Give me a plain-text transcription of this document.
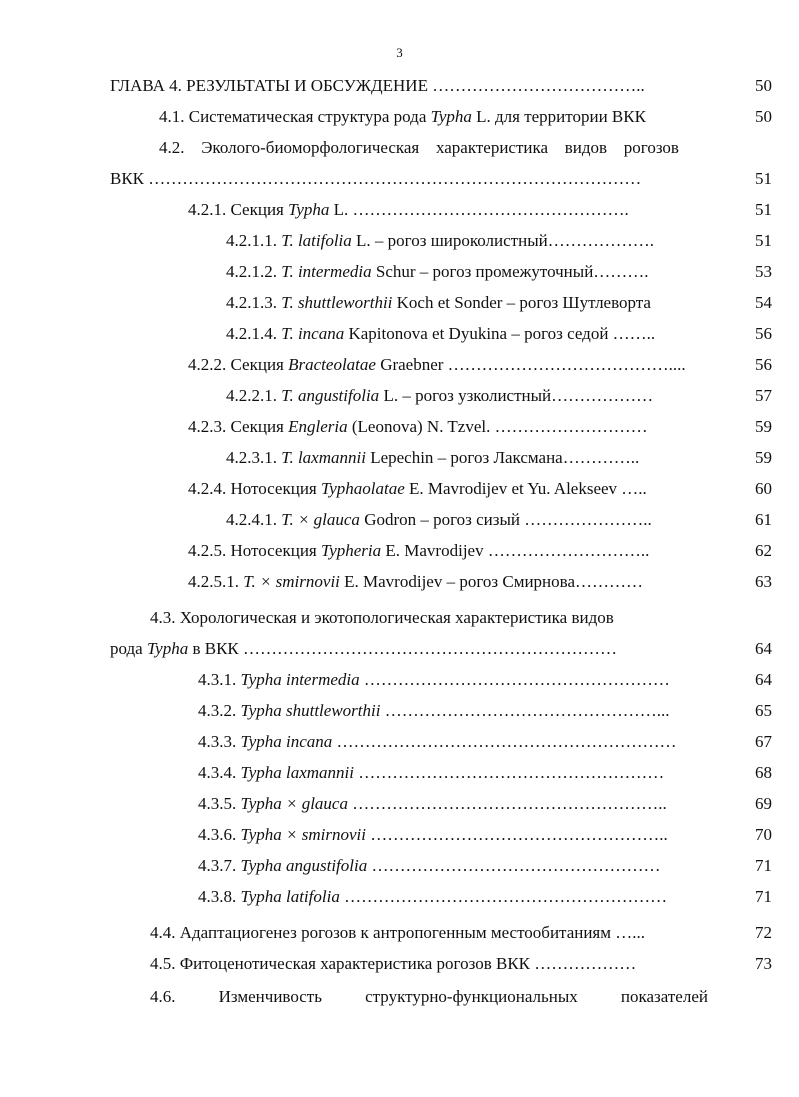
3
ГЛАВА 4. РЕЗУЛЬТАТЫ И ОБСУЖДЕНИЕ ………………………………..	50
4.1. Систематическая структура рода Typha L. для территории ВКК	50
4.2. Эколого-биоморфологическая характеристика видов рогозов
ВКК ……………………………………………………………………………	51
4.2.1. Секция Typha L. ………………………………………….	51
4.2.1.1. T. latifolia L. – рогоз широколистный……………….	51
4.2.1.2. T. intermedia Schur – рогоз промежуточный……….	53
4.2.1.3. T. shuttleworthii Koch et Sonder – рогоз Шутлеворта	54
4.2.1.4. T. incana Kapitonova et Dyukina – рогоз седой ……..	56
4.2.2. Секция Bracteolatae Graebner …………………………………....	56
4.2.2.1. T. angustifolia L. – рогоз узколистный………………	57
4.2.3. Секция Engleria (Leonova) N. Tzvel. ………………………	59
4.2.3.1. T. laxmannii Lepechin – рогоз Лаксмана…………..	59
4.2.4. Нотосекция Typhaolatae E. Mavrodijev et Yu. Alekseev …..	60
4.2.4.1. T. × glauca Godron – рогоз сизый …………………..	61
4.2.5. Нотосекция Typheria E. Mavrodijev ………………………..	62
4.2.5.1. T. × smirnovii E. Mavrodijev – рогоз Смирнова…………	63
4.3. Хорологическая и экотопологическая характеристика видов
рода Typha в ВКК …………………………………………………………	64
4.3.1. Typha intermedia ………………………………………………	64
4.3.2. Typha shuttleworthii …………………………………………...	65
4.3.3. Typha incana ……………………………………………………	67
4.3.4. Typha laxmannii ………………………………………………	68
4.3.5. Typha × glauca ………………………………………………..	69
4.3.6. Typha × smirnovii ……………………………………………..	70
4.3.7. Typha angustifolia ……………………………………………	71
4.3.8. Typha latifolia …………………………………………………	71
4.4. Адаптациогенез рогозов к антропогенным местообитаниям …...	72
4.5. Фитоценотическая характеристика рогозов ВКК ………………	73
4.6.	Изменчивость	структурно-функциональных	показателей
